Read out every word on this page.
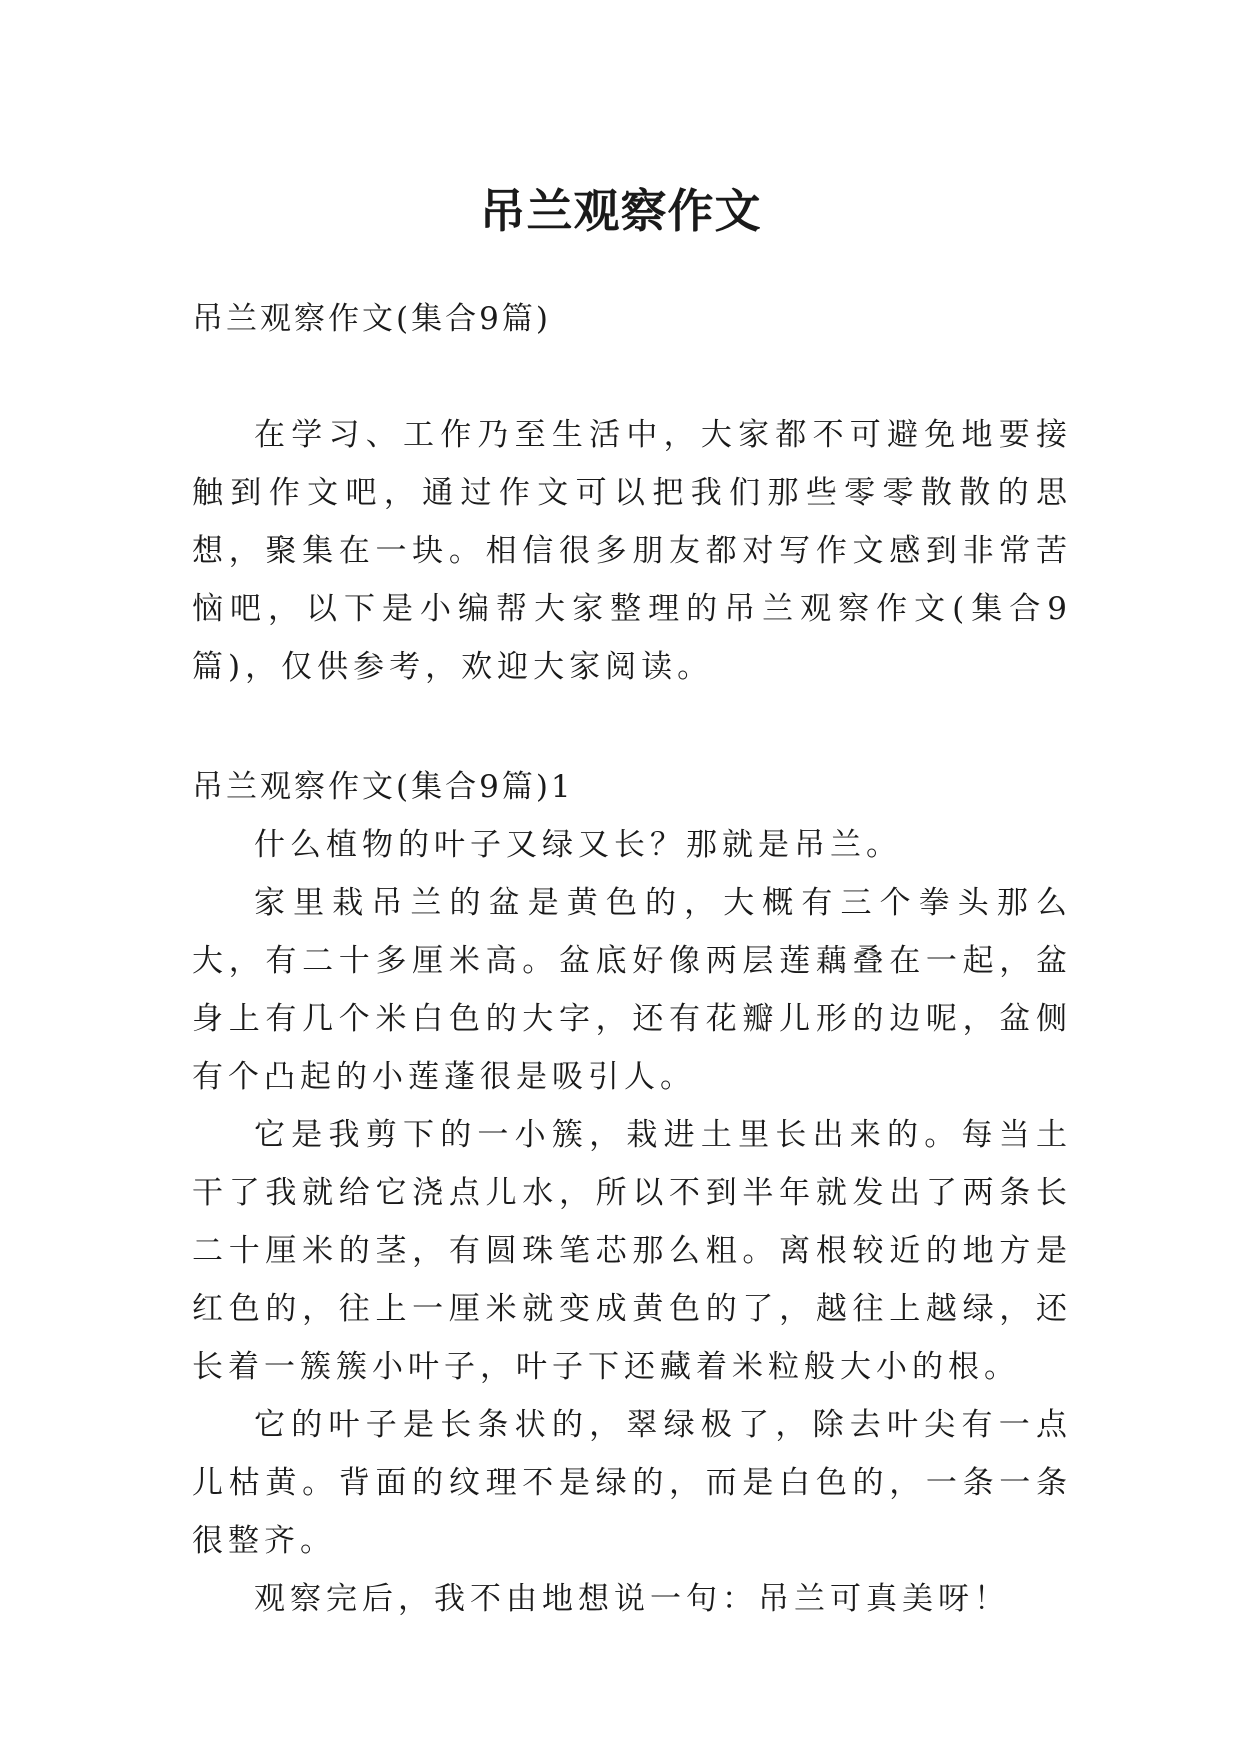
吊兰观察作文

吊兰观察作文(集合9篇)

在学习、工作乃至生活中，大家都不可避免地要接触到作文吧，通过作文可以把我们那些零零散散的思想，聚集在一块。相信很多朋友都对写作文感到非常苦恼吧，以下是小编帮大家整理的吊兰观察作文(集合9篇)，仅供参考，欢迎大家阅读。

吊兰观察作文(集合9篇)1

什么植物的叶子又绿又长？那就是吊兰。

家里栽吊兰的盆是黄色的，大概有三个拳头那么大，有二十多厘米高。盆底好像两层莲藕叠在一起，盆身上有几个米白色的大字，还有花瓣儿形的边呢，盆侧有个凸起的小莲蓬很是吸引人。

它是我剪下的一小簇，栽进土里长出来的。每当土干了我就给它浇点儿水，所以不到半年就发出了两条长二十厘米的茎，有圆珠笔芯那么粗。离根较近的地方是红色的，往上一厘米就变成黄色的了，越往上越绿，还长着一簇簇小叶子，叶子下还藏着米粒般大小的根。

它的叶子是长条状的，翠绿极了，除去叶尖有一点儿枯黄。背面的纹理不是绿的，而是白色的，一条一条很整齐。

观察完后，我不由地想说一句：吊兰可真美呀！
